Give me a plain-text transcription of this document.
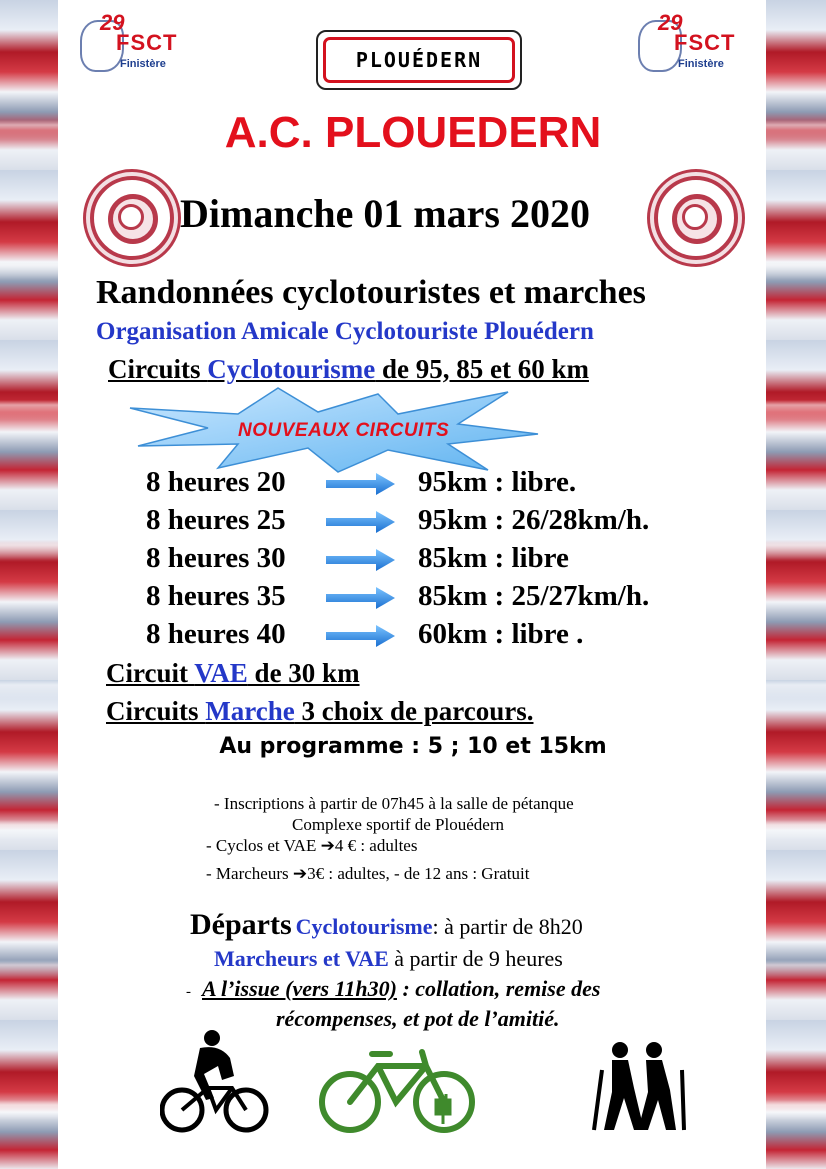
29
FSCT
Finistère
29
FSCT
Finistère
PLOUÉDERN
A.C. PLOUEDERN
Dimanche 01 mars 2020
Randonnées cyclotouristes et marches
Organisation Amicale Cyclotouriste Plouédern
Circuits Cyclotourisme de 95, 85 et 60 km
NOUVEAUX CIRCUITS
8 heures 20	95km : libre.
8 heures 25	95km : 26/28km/h.
8 heures 30	85km : libre
8 heures 35	85km : 25/27km/h.
8 heures 40	60km : libre .
Circuit VAE de 30 km
Circuits Marche 3 choix de parcours.
Au programme : 5 ; 10 et 15km
- Inscriptions à partir de 07h45 à la salle de pétanque
Complexe sportif de Plouédern
- Cyclos et VAE ➔4 € : adultes
- Marcheurs ➔3€ : adultes, - de 12 ans : Gratuit
Départs Cyclotourisme: à partir de 8h20
Marcheurs et VAE à partir de 9 heures
- A l’issue (vers 11h30) : collation, remise des
récompenses, et pot de l’amitié.
